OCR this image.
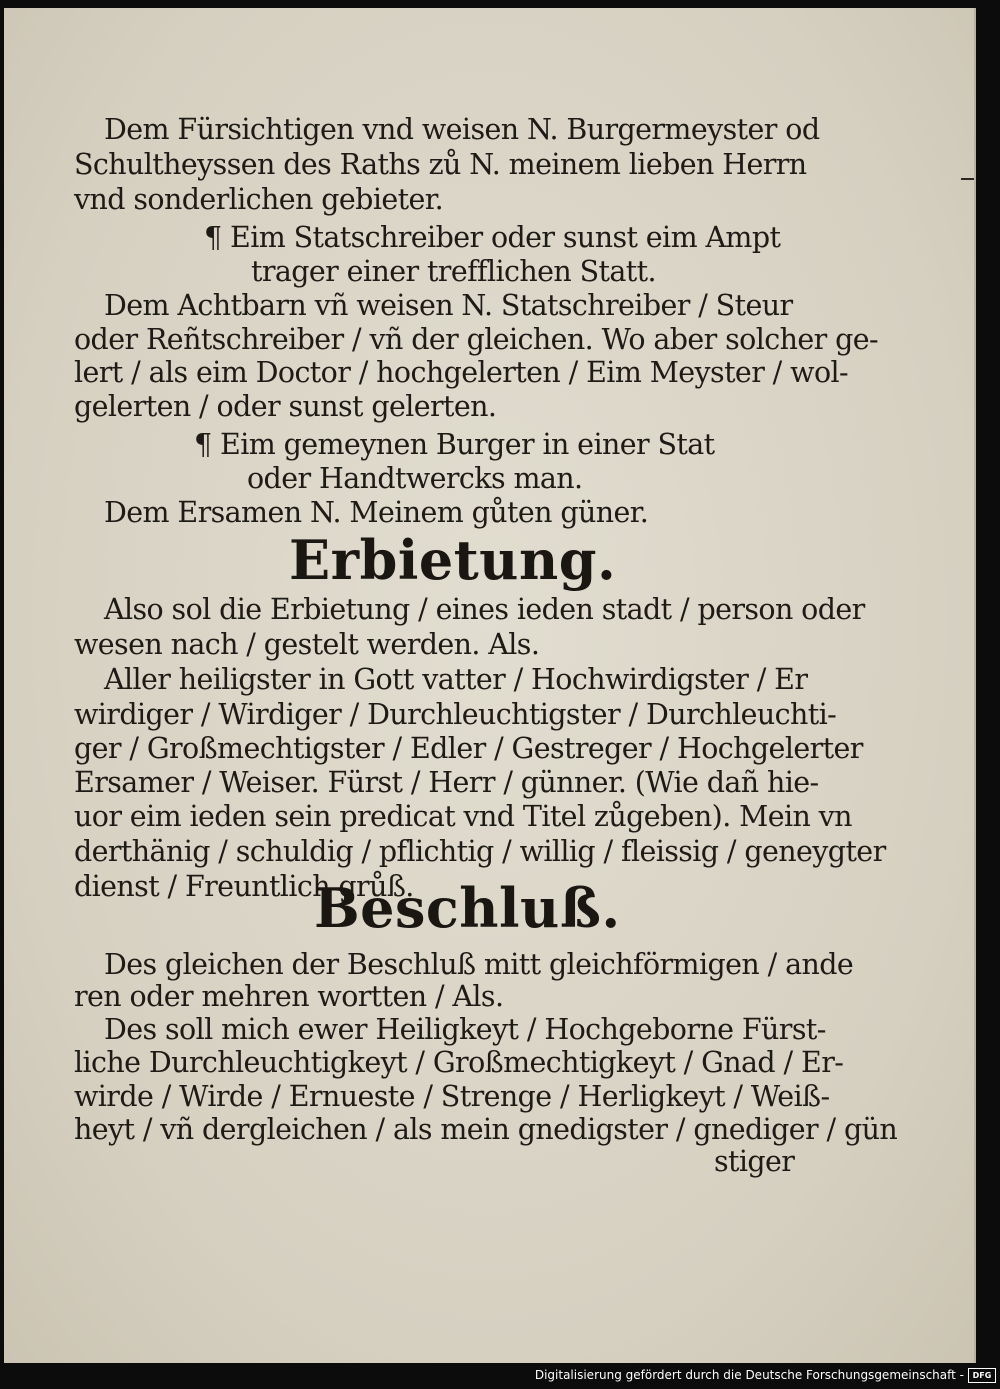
Dem Fürsichtigen vnd weisen N. Burgermeyster od
Schultheyssen des Raths zů N. meinem lieben Herrn
vnd sonderlichen gebieter.
¶ Eim Statschreiber oder sunst eim Ampt
trager einer trefflichen Statt.
Dem Achtbarn vñ weisen N. Statschreiber / Steur
oder Reñtschreiber / vñ der gleichen. Wo aber solcher ge-
lert / als eim Doctor / hochgelerten / Eim Meyster / wol-
gelerten / oder sunst gelerten.
¶ Eim gemeynen Burger in einer Stat
oder Handtwercks man.
Dem Ersamen N. Meinem gůten güner.
Erbietung.
Also sol die Erbietung / eines ieden stadt / person oder
wesen nach / gestelt werden. Als.
Aller heiligster in Gott vatter / Hochwirdigster / Er
wirdiger / Wirdiger / Durchleuchtigster / Durchleuchti-
ger / Großmechtigster / Edler / Gestreger / Hochgelerter
Ersamer / Weiser. Fürst / Herr / günner. (Wie dañ hie-
uor eim ieden sein predicat vnd Titel zůgeben). Mein vn
derthänig / schuldig / pflichtig / willig / fleissig / geneygter
dienst / Freuntlich grůß.
Beschluß.
Des gleichen der Beschluß mitt gleichförmigen / ande
ren oder mehren wortten / Als.
Des soll mich ewer Heiligkeyt / Hochgeborne Fürst-
liche Durchleuchtigkeyt / Großmechtigkeyt / Gnad / Er-
wirde / Wirde / Ernueste / Strenge / Herligkeyt / Weiß-
heyt / vñ dergleichen / als mein gnedigster / gnediger / gün
stiger
Digitalisierung gefördert durch die Deutsche Forschungsgemeinschaft - DFG
